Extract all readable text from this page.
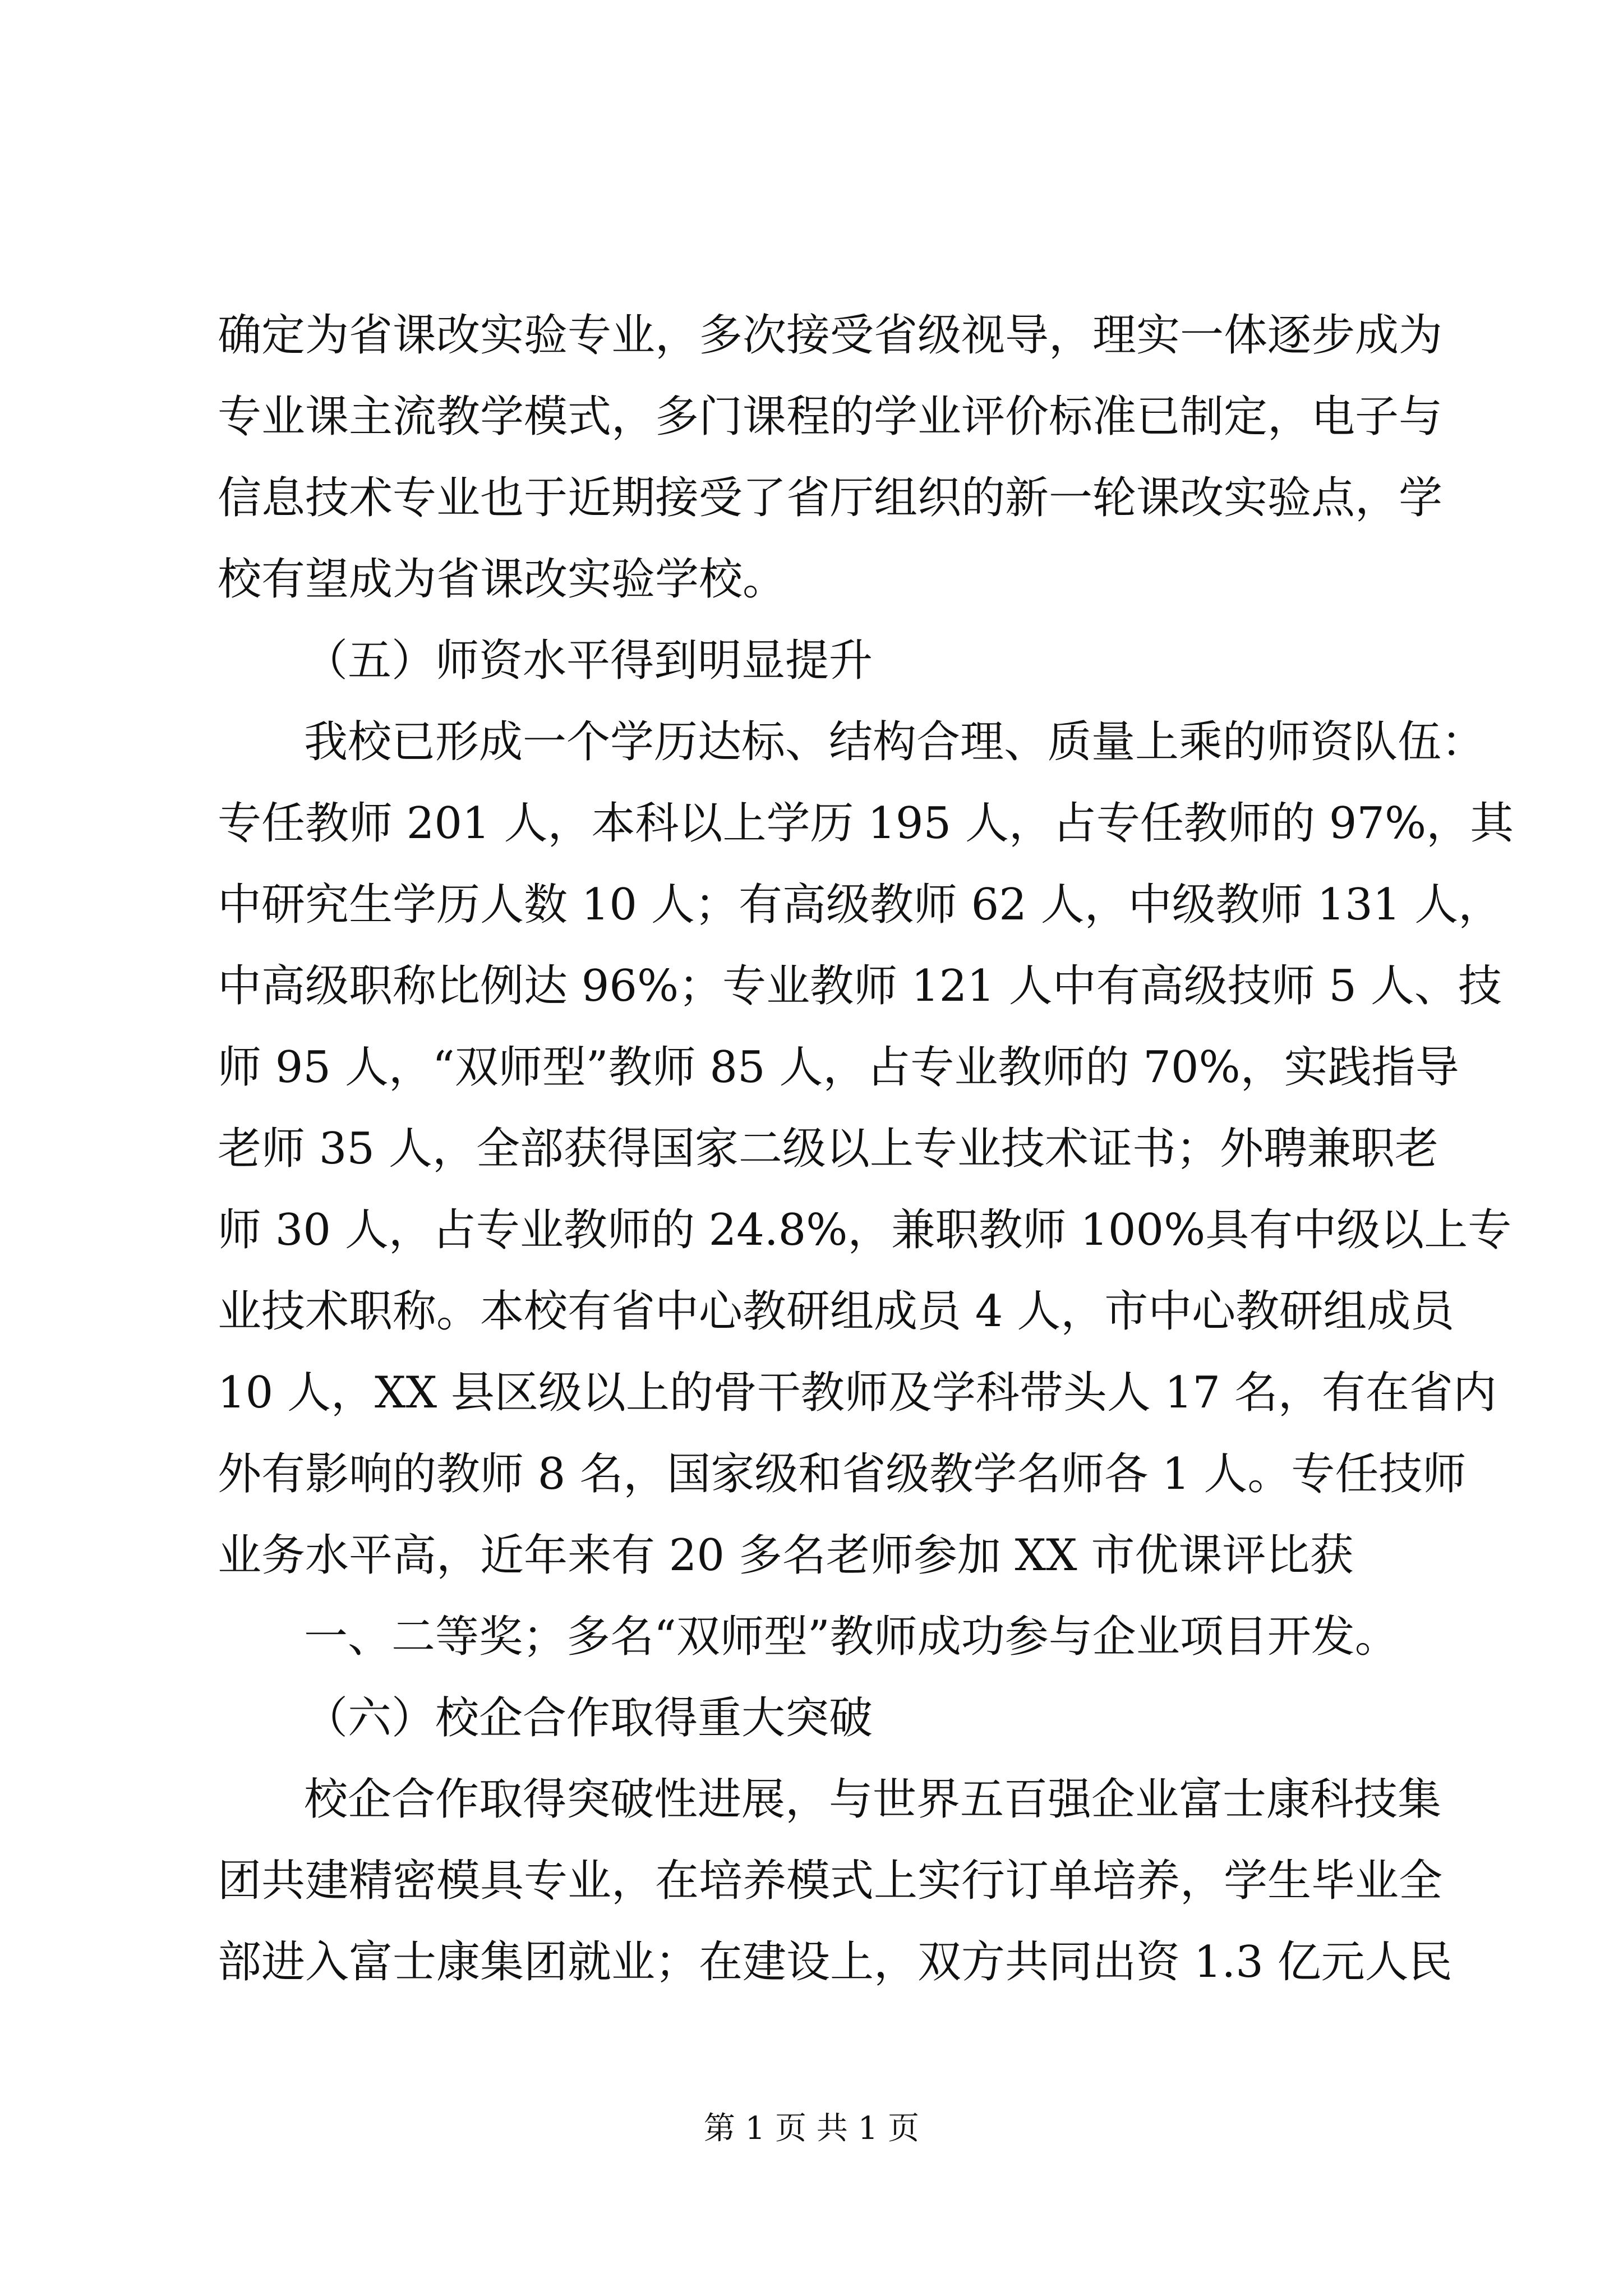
确定为省课改实验专业，多次接受省级视导，理实一体逐步成为
专业课主流教学模式，多门课程的学业评价标准已制定，电子与
信息技术专业也于近期接受了省厅组织的新一轮课改实验点，学
校有望成为省课改实验学校。
（五）师资水平得到明显提升
我校已形成一个学历达标、结构合理、质量上乘的师资队伍：
专任教师 201 人，本科以上学历 195 人，占专任教师的 97%，其
中研究生学历人数 10 人；有高级教师 62 人，中级教师 131 人，
中高级职称比例达 96%；专业教师 121 人中有高级技师 5 人、技
师 95 人，“双师型”教师 85 人，占专业教师的 70%，实践指导
老师 35 人，全部获得国家二级以上专业技术证书；外聘兼职老
师 30 人，占专业教师的 24.8%，兼职教师 100%具有中级以上专
业技术职称。本校有省中心教研组成员 4 人，市中心教研组成员
10 人，XX 县区级以上的骨干教师及学科带头人 17 名，有在省内
外有影响的教师 8 名，国家级和省级教学名师各 1 人。专任技师
业务水平高，近年来有 20 多名老师参加 XX 市优课评比获
一、二等奖；多名“双师型”教师成功参与企业项目开发。
（六）校企合作取得重大突破
校企合作取得突破性进展，与世界五百强企业富士康科技集
团共建精密模具专业，在培养模式上实行订单培养，学生毕业全
部进入富士康集团就业；在建设上，双方共同出资 1.3 亿元人民
第 1 页 共 1 页
